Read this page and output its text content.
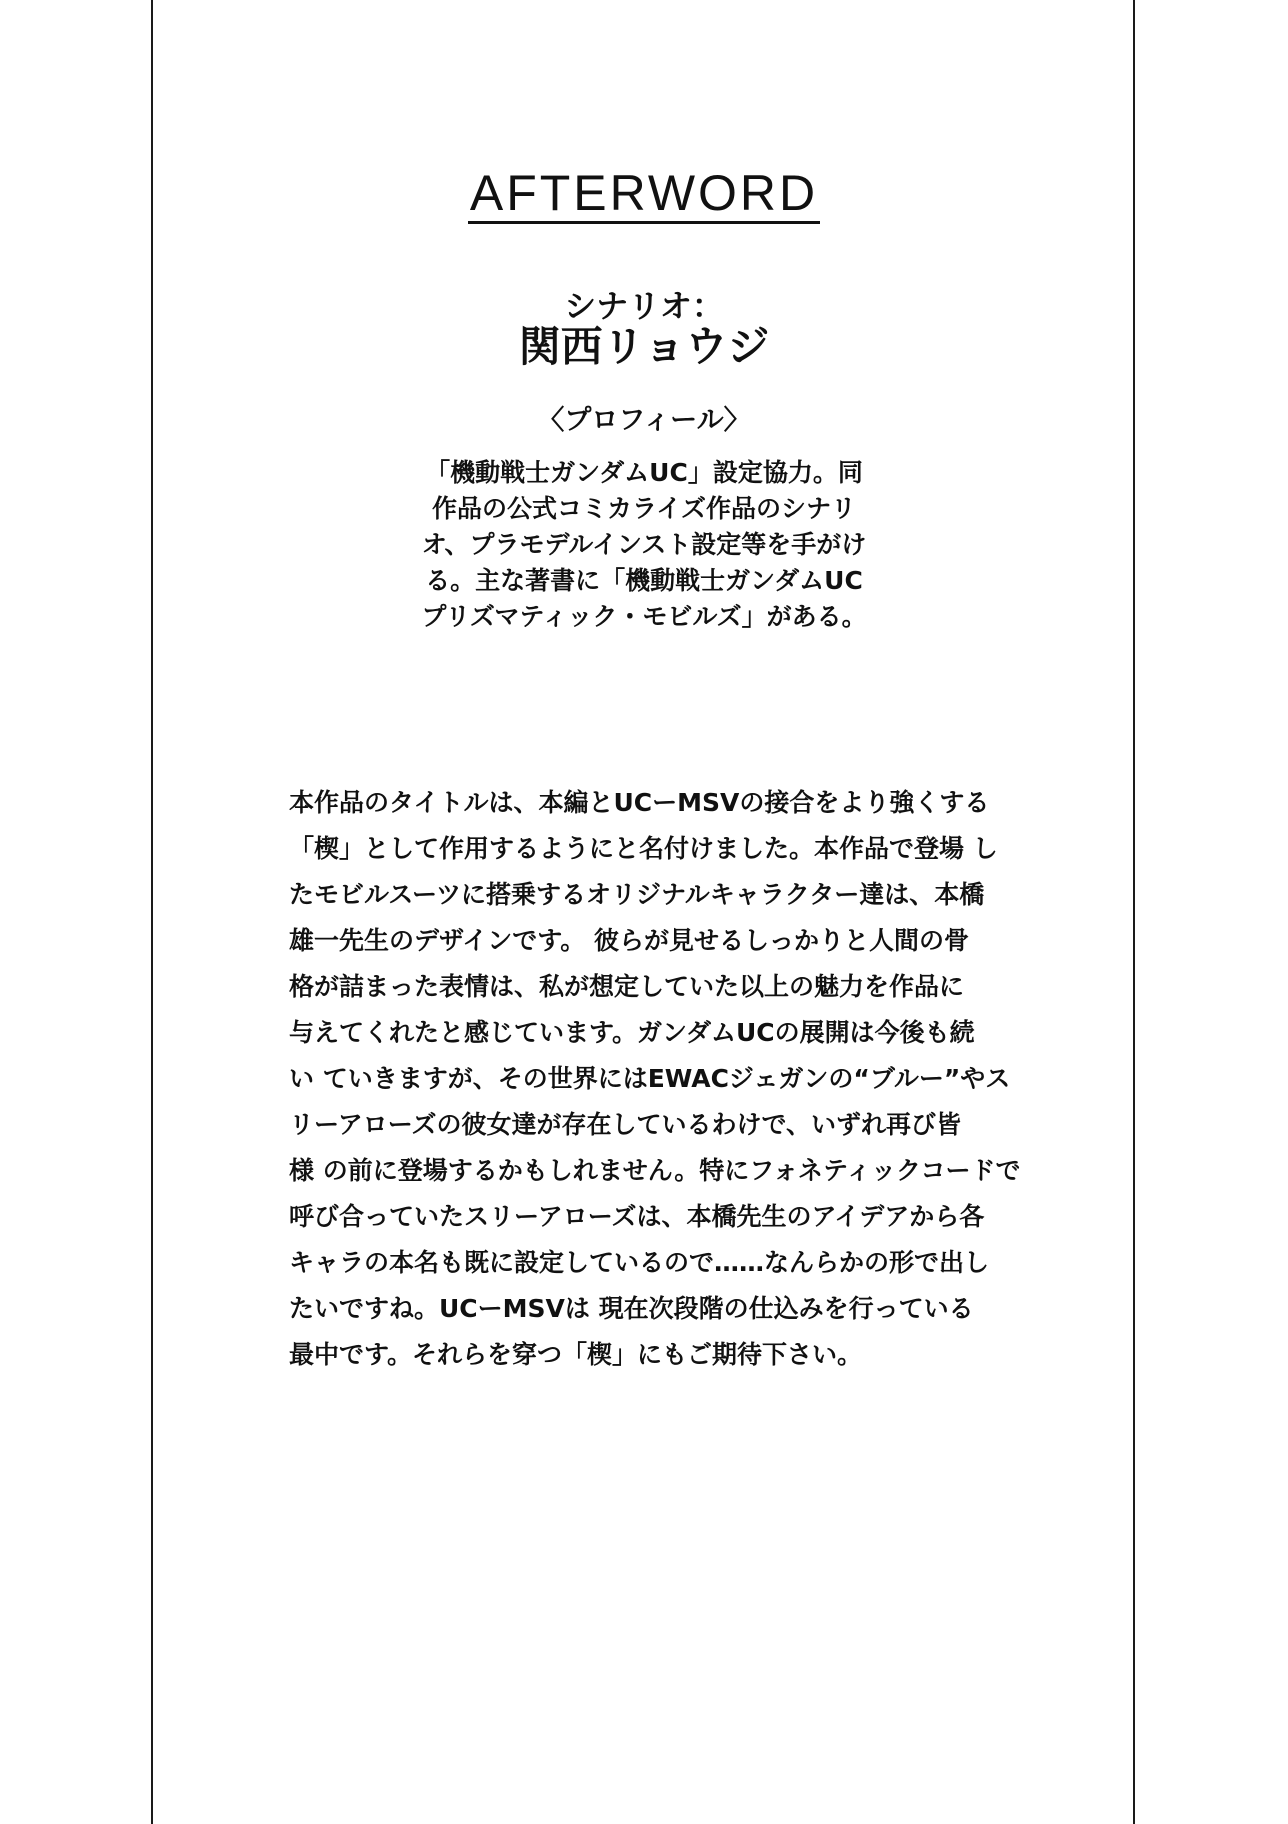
AFTERWORD
シナリオ：
関西リョウジ
〈プロフィール〉
「機動戦士ガンダムUC」設定協力。同
作品の公式コミカライズ作品のシナリ
オ、プラモデルインスト設定等を手がけ
る。主な著書に「機動戦士ガンダムUC
プリズマティック・モビルズ」がある。
本作品のタイトルは、本編とUCーMSVの接合をより強くする
「楔」として作用するようにと名付けました。本作品で登場 し
たモビルスーツに搭乗するオリジナルキャラクター達は、本橋
雄一先生のデザインです。 彼らが見せるしっかりと人間の骨
格が詰まった表情は、私が想定していた以上の魅力を作品に
与えてくれたと感じています。ガンダムUCの展開は今後も続
い ていきますが、その世界にはEWACジェガンの“ブルー”やス
リーアローズの彼女達が存在しているわけで、いずれ再び皆
様 の前に登場するかもしれません。特にフォネティックコードで
呼び合っていたスリーアローズは、本橋先生のアイデアから各
キャラの本名も既に設定しているので……なんらかの形で出し
たいですね。UCーMSVは 現在次段階の仕込みを行っている
最中です。それらを穿つ「楔」にもご期待下さい。
